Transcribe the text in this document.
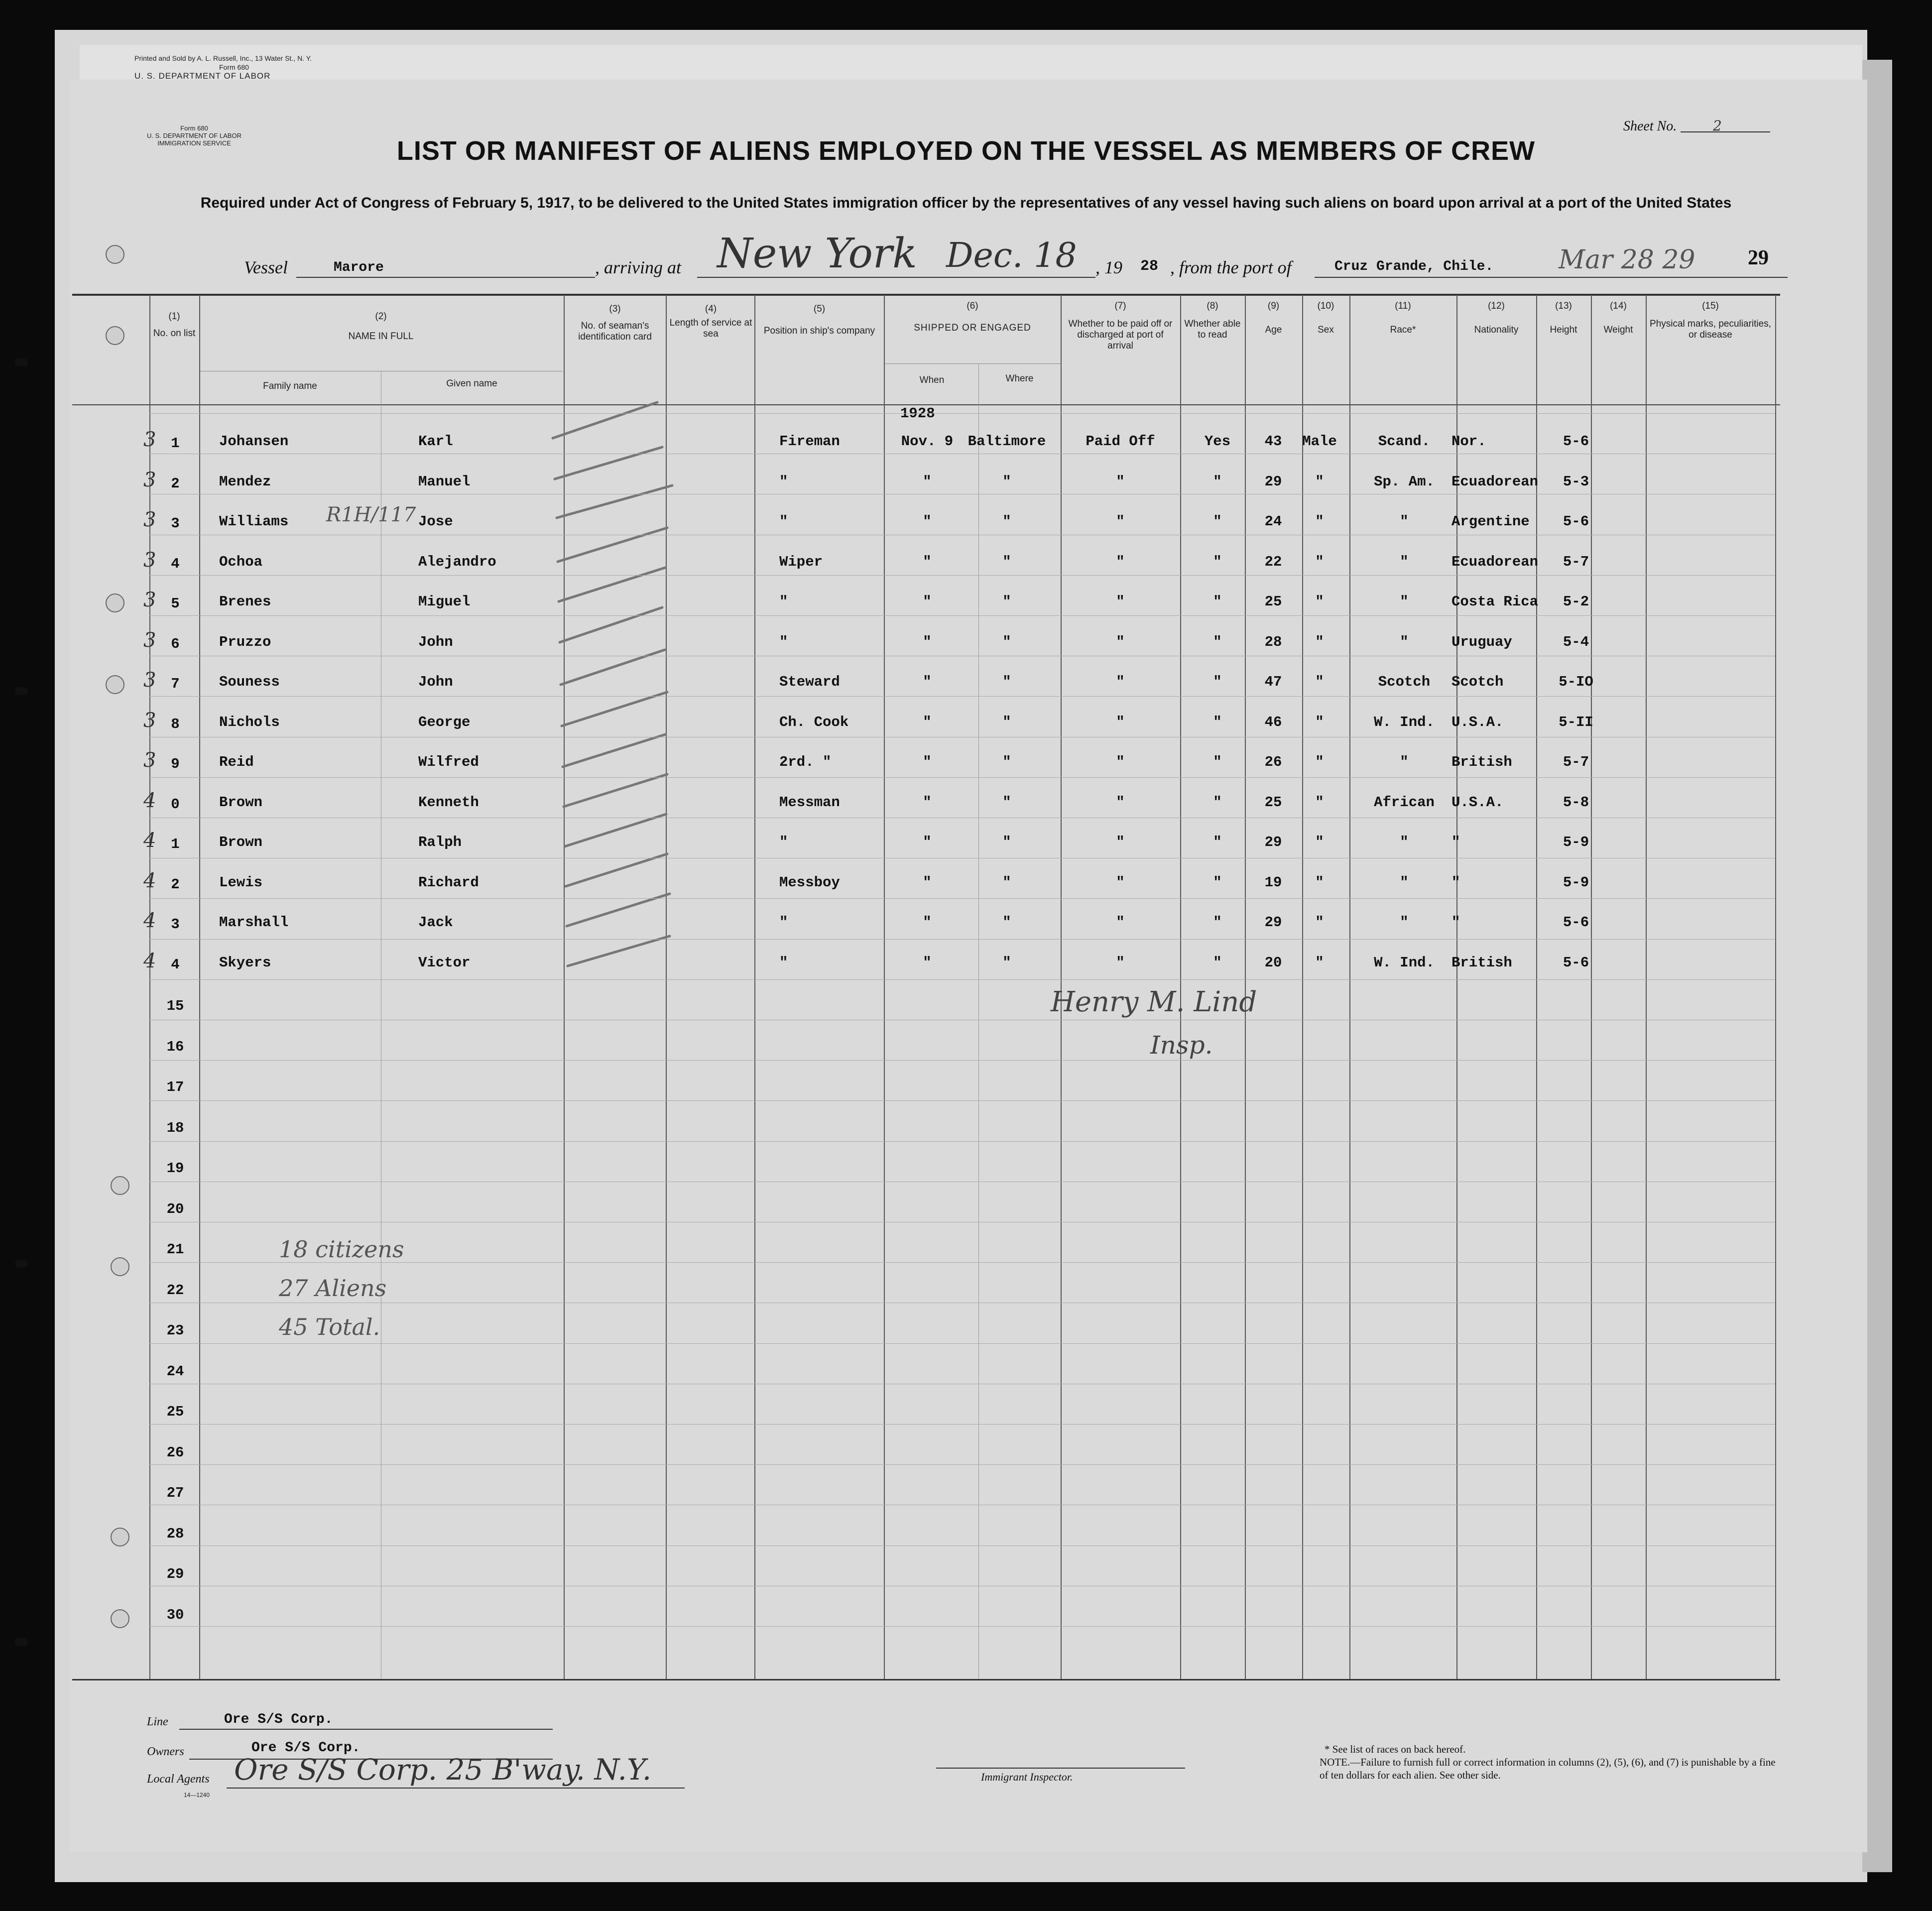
Printed and Sold by A. L. Russell, Inc., 13 Water St., N. Y.
Form 680
U. S. DEPARTMENT OF LABOR
Form 680
U. S. DEPARTMENT OF LABOR
IMMIGRATION SERVICE
Sheet No.	2
LIST OR MANIFEST OF ALIENS EMPLOYED ON THE VESSEL AS MEMBERS OF CREW
Required under Act of Congress of February 5, 1917, to be delivered to the United States immigration officer by the representatives of any vessel having such aliens on board upon arrival at a port of the United States
Vessel	Marore	, arriving at New York Dec. 18 , 19 28 , from the port of	Cruz Grande, Chile.	Mar 28 29	29
(1)
No. on list
(2)
NAME IN FULL
Family name	Given name
(3)
No. of seaman's identification card
(4)
Length of service at sea
(5)
Position in ship's company
(6)
SHIPPED OR ENGAGED
When	Where
(7)
Whether to be paid off or discharged at port of arrival
(8)
Whether able to read
(9)
Age
(10)
Sex
(11)
Race*
(12)
Nationality
(13)
Height
(14)
Weight
(15)
Physical marks, peculiarities, or disease
1928
3	1	Johansen	Karl	Fireman	Nov. 9	Baltimore	Paid Off	Yes	43	Male	Scand.	Nor.	5-6
3	2	Mendez	Manuel	"	"	"	"	"	29	"	Sp. Am.	Ecuadorean	5-3
3	3	Williams	Jose	"	"	"	"	"	24	"	"	Argentine	5-6
R1H/117
3	4	Ochoa	Alejandro	Wiper	"	"	"	"	22	"	"	Ecuadorean	5-7
3	5	Brenes	Miguel	"	"	"	"	"	25	"	"	Costa Rica	5-2
3	6	Pruzzo	John	"	"	"	"	"	28	"	"	Uruguay	5-4
3	7	Souness	John	Steward	"	"	"	"	47	"	Scotch	Scotch	5-IO
3	8	Nichols	George	Ch. Cook	"	"	"	"	46	"	W. Ind.	U.S.A.	5-II
3	9	Reid	Wilfred	2rd. "	"	"	"	"	26	"	"	British	5-7
4	0	Brown	Kenneth	Messman	"	"	"	"	25	"	African	U.S.A.	5-8
4	1	Brown	Ralph	"	"	"	"	"	29	"	"	"	5-9
4	2	Lewis	Richard	Messboy	"	"	"	"	19	"	"	"	5-9
4	3	Marshall	Jack	"	"	"	"	"	29	"	"	"	5-6
4	4	Skyers	Victor	"	"	"	"	"	20	"	W. Ind.	British	5-6
15
16
17
18
19
20
21
22
23
24
25
26
27
28
29
30
Henry M. Lind
Insp.
18 citizens
27 Aliens
45 Total.
Line	Ore S/S Corp.
Owners	Ore S/S Corp.
Local Agents Ore S/S Corp. 25 B'way. N.Y.
14—1240
Immigrant Inspector.
* See list of races on back hereof.
NOTE.—Failure to furnish full or correct information in columns (2), (5), (6), and (7) is punishable by a fine of ten dollars for each alien. See other side.
